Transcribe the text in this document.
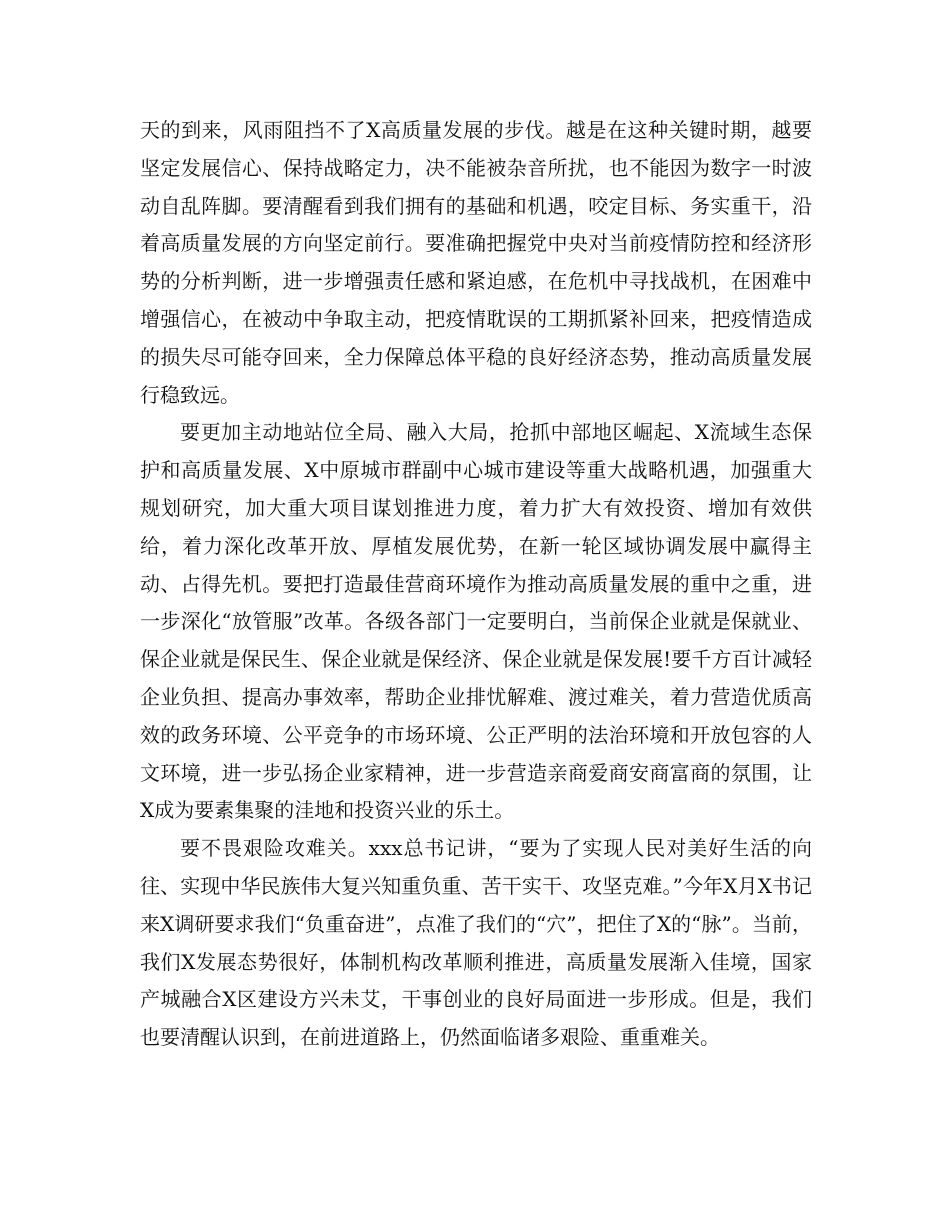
天的到来，风雨阻挡不了X高质量发展的步伐。越是在这种关键时期，越要坚定发展信心、保持战略定力，决不能被杂音所扰，也不能因为数字一时波动自乱阵脚。要清醒看到我们拥有的基础和机遇，咬定目标、务实重干，沿着高质量发展的方向坚定前行。要准确把握党中央对当前疫情防控和经济形势的分析判断，进一步增强责任感和紧迫感，在危机中寻找战机，在困难中增强信心，在被动中争取主动，把疫情耽误的工期抓紧补回来，把疫情造成的损失尽可能夺回来，全力保障总体平稳的良好经济态势，推动高质量发展行稳致远。

要更加主动地站位全局、融入大局，抢抓中部地区崛起、X流域生态保护和高质量发展、X中原城市群副中心城市建设等重大战略机遇，加强重大规划研究，加大重大项目谋划推进力度，着力扩大有效投资、增加有效供给，着力深化改革开放、厚植发展优势，在新一轮区域协调发展中赢得主动、占得先机。要把打造最佳营商环境作为推动高质量发展的重中之重，进一步深化“放管服”改革。各级各部门一定要明白，当前保企业就是保就业、保企业就是保民生、保企业就是保经济、保企业就是保发展!要千方百计减轻企业负担、提高办事效率，帮助企业排忧解难、渡过难关，着力营造优质高效的政务环境、公平竞争的市场环境、公正严明的法治环境和开放包容的人文环境，进一步弘扬企业家精神，进一步营造亲商爱商安商富商的氛围，让X成为要素集聚的洼地和投资兴业的乐土。

要不畏艰险攻难关。xxx总书记讲，“要为了实现人民对美好生活的向往、实现中华民族伟大复兴知重负重、苦干实干、攻坚克难。”今年X月X书记来X调研要求我们“负重奋进”，点准了我们的“穴”，把住了X的“脉”。当前，我们X发展态势很好，体制机构改革顺利推进，高质量发展渐入佳境，国家产城融合X区建设方兴未艾，干事创业的良好局面进一步形成。但是，我们也要清醒认识到，在前进道路上，仍然面临诸多艰险、重重难关。
